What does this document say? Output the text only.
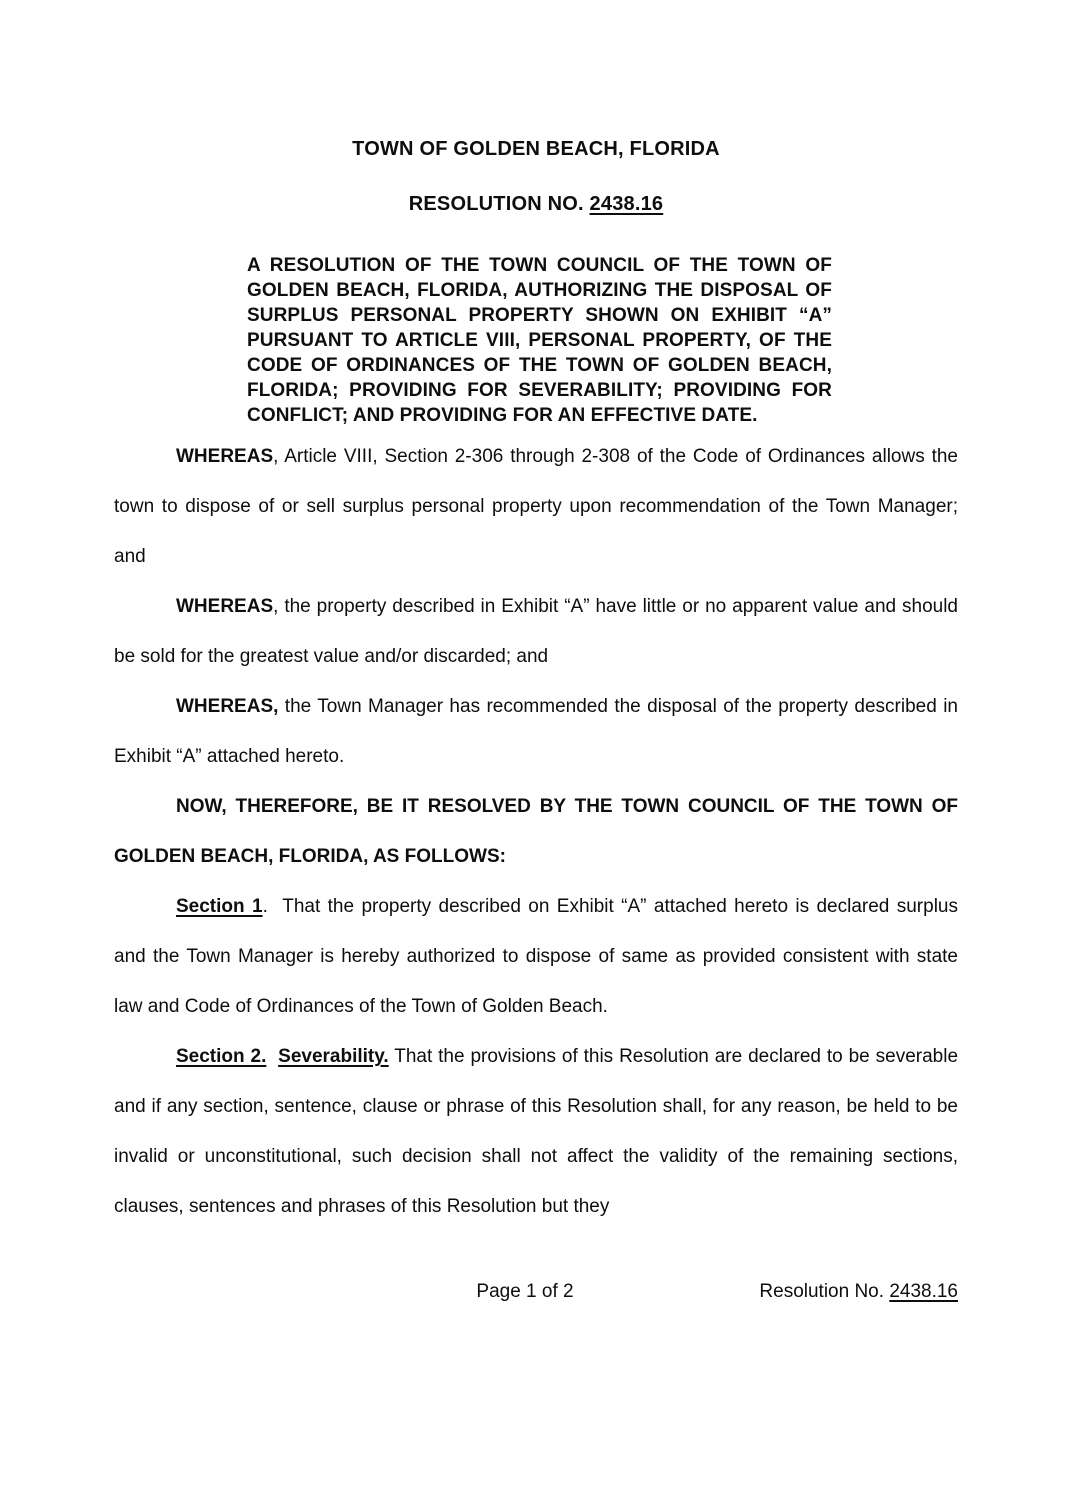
TOWN OF GOLDEN BEACH, FLORIDA
RESOLUTION NO. 2438.16
A RESOLUTION OF THE TOWN COUNCIL OF THE TOWN OF GOLDEN BEACH, FLORIDA, AUTHORIZING THE DISPOSAL OF SURPLUS PERSONAL PROPERTY SHOWN ON EXHIBIT “A” PURSUANT TO ARTICLE VIII, PERSONAL PROPERTY, OF THE CODE OF ORDINANCES OF THE TOWN OF GOLDEN BEACH, FLORIDA; PROVIDING FOR SEVERABILITY; PROVIDING FOR CONFLICT; AND PROVIDING FOR AN EFFECTIVE DATE.

WHEREAS, Article VIII, Section 2-306 through 2-308 of the Code of Ordinances allows the town to dispose of or sell surplus personal property upon recommendation of the Town Manager; and

WHEREAS, the property described in Exhibit “A” have little or no apparent value and should be sold for the greatest value and/or discarded; and

WHEREAS, the Town Manager has recommended the disposal of the property described in Exhibit “A” attached hereto.

NOW, THEREFORE, BE IT RESOLVED BY THE TOWN COUNCIL OF THE TOWN OF GOLDEN BEACH, FLORIDA, AS FOLLOWS:

Section 1.  That the property described on Exhibit “A” attached hereto is declared surplus and the Town Manager is hereby authorized to dispose of same as provided consistent with state law and Code of Ordinances of the Town of Golden Beach.

Section 2. Severability. That the provisions of this Resolution are declared to be severable and if any section, sentence, clause or phrase of this Resolution shall, for any reason, be held to be invalid or unconstitutional, such decision shall not affect the validity of the remaining sections, clauses, sentences and phrases of this Resolution but they

Page 1 of 2	Resolution No. 2438.16
